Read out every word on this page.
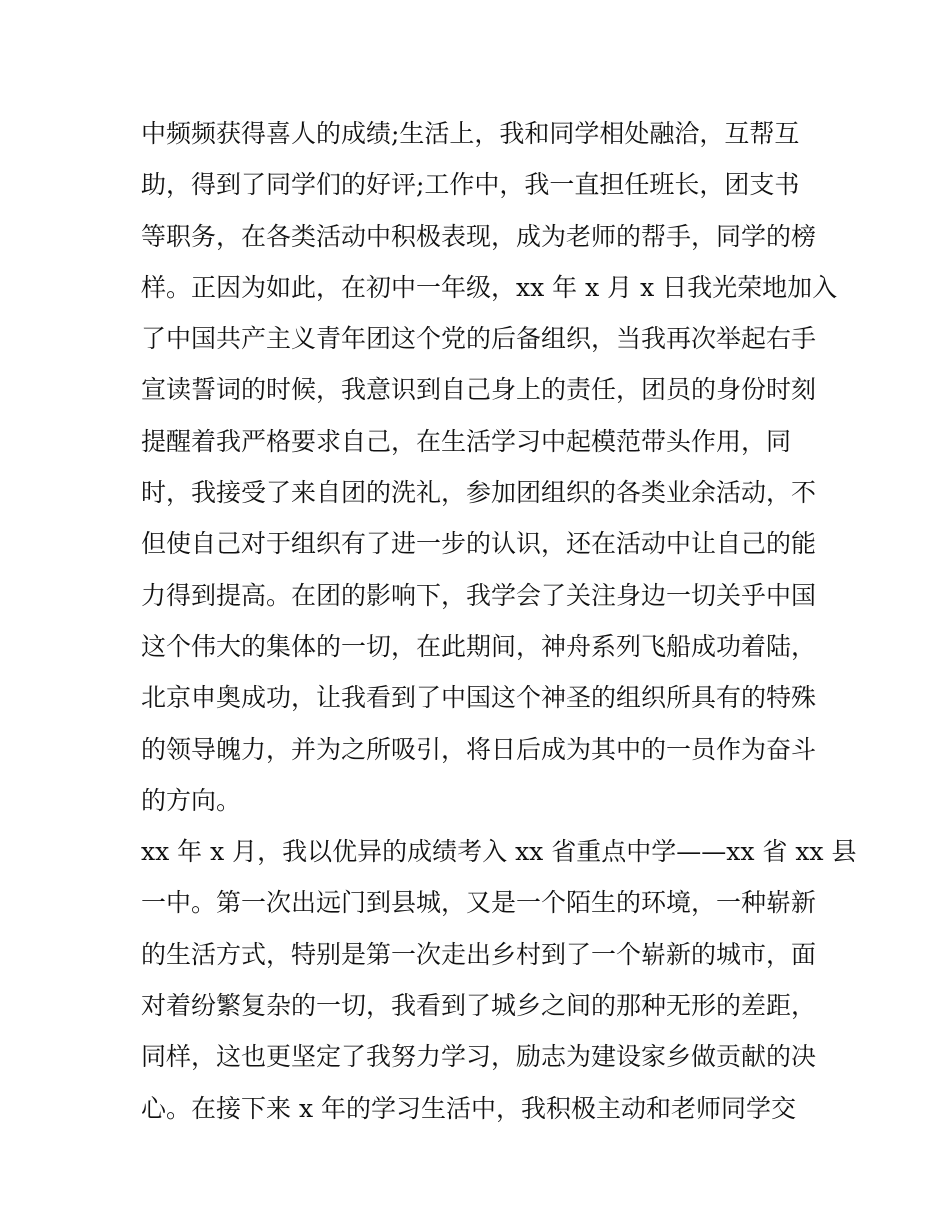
中频频获得喜人的成绩;生活上，我和同学相处融洽，互帮互
助，得到了同学们的好评;工作中，我一直担任班长，团支书
等职务，在各类活动中积极表现，成为老师的帮手，同学的榜
样。正因为如此，在初中一年级，xx 年 x 月 x 日我光荣地加入
了中国共产主义青年团这个党的后备组织，当我再次举起右手
宣读誓词的时候，我意识到自己身上的责任，团员的身份时刻
提醒着我严格要求自己，在生活学习中起模范带头作用，同
时，我接受了来自团的洗礼，参加团组织的各类业余活动，不
但使自己对于组织有了进一步的认识，还在活动中让自己的能
力得到提高。在团的影响下，我学会了关注身边一切关乎中国
这个伟大的集体的一切，在此期间，神舟系列飞船成功着陆，
北京申奥成功，让我看到了中国这个神圣的组织所具有的特殊
的领导魄力，并为之所吸引，将日后成为其中的一员作为奋斗
的方向。
xx 年 x 月，我以优异的成绩考入 xx 省重点中学——xx 省 xx 县
一中。第一次出远门到县城，又是一个陌生的环境，一种崭新
的生活方式，特别是第一次走出乡村到了一个崭新的城市，面
对着纷繁复杂的一切，我看到了城乡之间的那种无形的差距，
同样，这也更坚定了我努力学习，励志为建设家乡做贡献的决
心。在接下来 x 年的学习生活中，我积极主动和老师同学交
